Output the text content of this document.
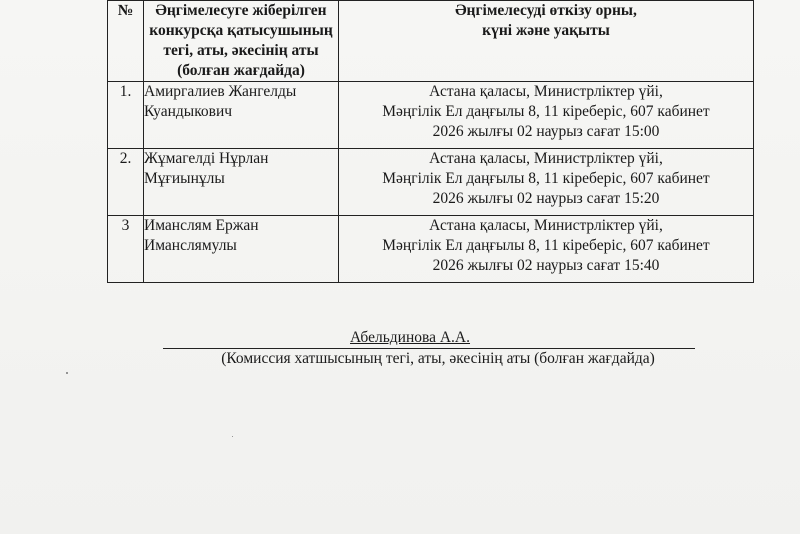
№	Әңгімелесуге жіберілген
конкурсқа қатысушының
тегі, аты, әкесінің аты
(болған жағдайда)	Әңгімелесуді өткізу орны,
күні және уақыты

1.	Амиргалиев Жангелды
Куандыкович	Астана қаласы, Министрліктер үйі,
Мәңгілік Ел даңғылы 8, 11 кіреберіс, 607 кабинет
2026 жылғы 02 наурыз сағат 15:00

2.	Жұмагелді Нұрлан
Мұғиынұлы	Астана қаласы, Министрліктер үйі,
Мәңгілік Ел даңғылы 8, 11 кіреберіс, 607 кабинет
2026 жылғы 02 наурыз сағат 15:20

3	Иманслям Ержан
Иманслямулы	Астана қаласы, Министрліктер үйі,
Мәңгілік Ел даңғылы 8, 11 кіреберіс, 607 кабинет
2026 жылғы 02 наурыз сағат 15:40
Абельдинова А.А.
(Комиссия хатшысының тегі, аты, әкесінің аты (болған жағдайда)
